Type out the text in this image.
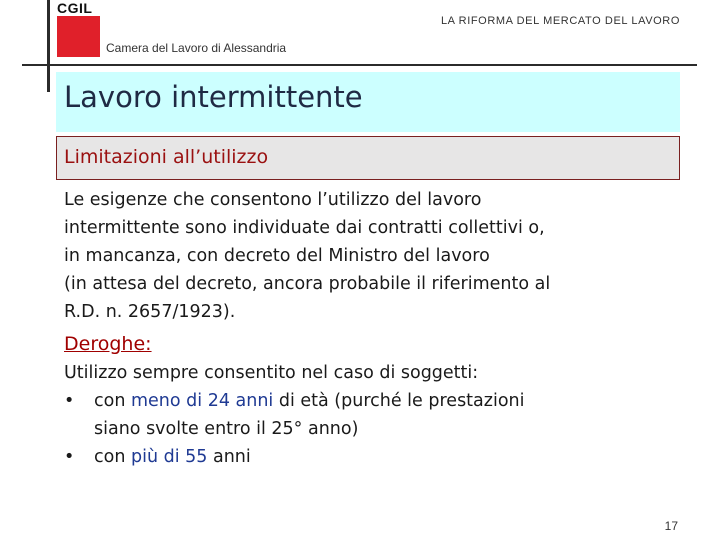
CGIL
Camera del Lavoro di Alessandria
LA RIFORMA DEL MERCATO DEL LAVORO
Lavoro intermittente
Limitazioni all’utilizzo

Le esigenze che consentono l’utilizzo del lavoro
intermittente sono individuate dai contratti collettivi o,
in mancanza, con decreto del Ministro del lavoro
(in attesa del decreto, ancora probabile il riferimento al
R.D. n. 2657/1923).

Deroghe:
Utilizzo sempre consentito nel caso di soggetti:
• con meno di 24 anni di età (purché le prestazioni
siano svolte entro il 25° anno)
• con più di 55 anni
17
